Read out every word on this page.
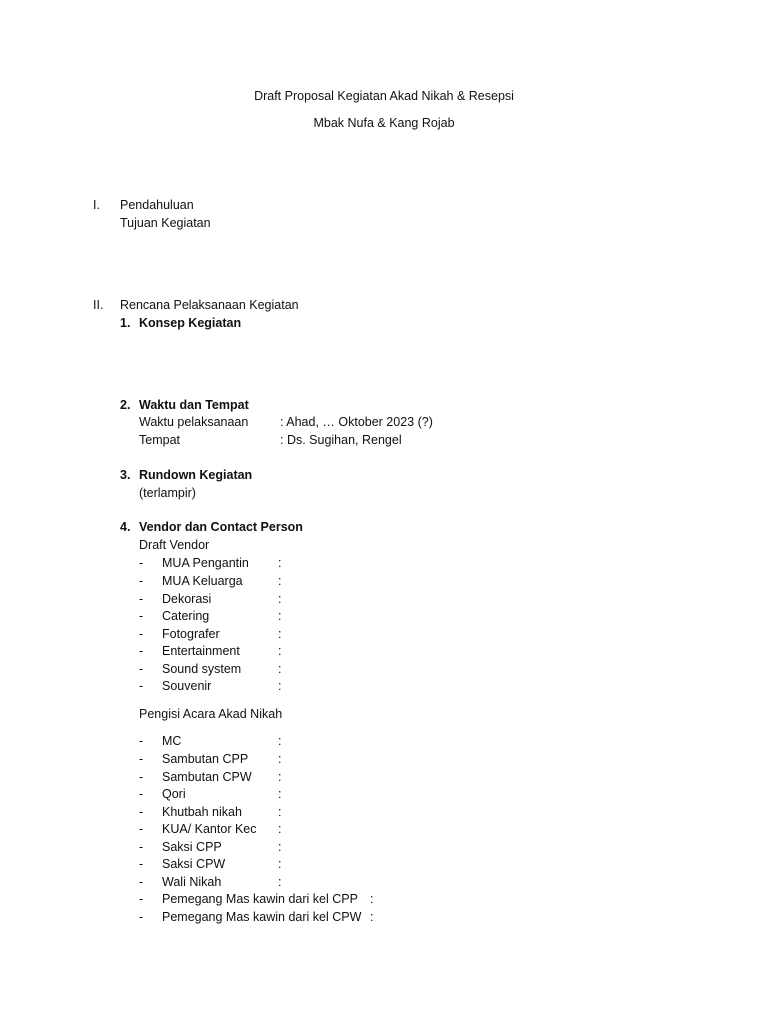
Draft Proposal Kegiatan Akad Nikah & Resepsi
Mbak Nufa & Kang Rojab
I. Pendahuluan
Tujuan Kegiatan
II. Rencana Pelaksanaan Kegiatan
1. Konsep Kegiatan
2. Waktu dan Tempat
Waktu pelaksanaan	: Ahad, … Oktober 2023 (?)
Tempat	: Ds. Sugihan, Rengel
3. Rundown Kegiatan
(terlampir)
4. Vendor dan Contact Person
Draft Vendor
- MUA Pengantin :
- MUA Keluarga	:
- Dekorasi	:
- Catering	:
- Fotografer	:
- Entertainment	:
- Sound system	:
- Souvenir	:
Pengisi Acara Akad Nikah
- MC	:
- Sambutan CPP :
- Sambutan CPW :
- Qori	:
- Khutbah nikah	:
- KUA/ Kantor Kec :
- Saksi CPP	:
- Saksi CPW	:
- Wali Nikah	:
- Pemegang Mas kawin dari kel CPP :
- Pemegang Mas kawin dari kel CPW :
